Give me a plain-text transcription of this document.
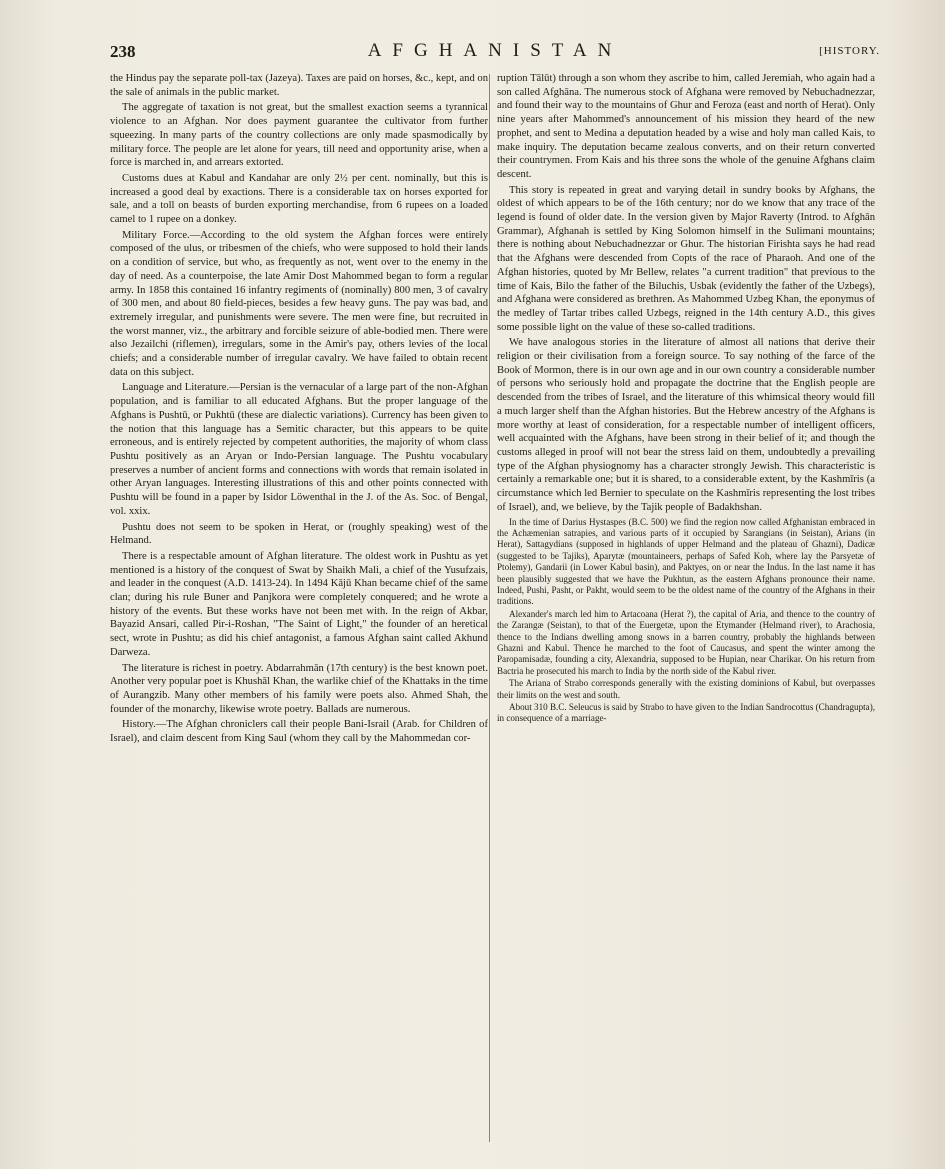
238	AFGHANISTAN	[HISTORY.

the Hindus pay the separate poll-tax (Jazeya). Taxes are paid on horses, &c., kept, and on the sale of animals in the public market.

The aggregate of taxation is not great, but the smallest exaction seems a tyrannical violence to an Afghan. Nor does payment guarantee the cultivator from further squeezing. In many parts of the country collections are only made spasmodically by military force. The people are let alone for years, till need and opportunity arise, when a force is marched in, and arrears extorted.

Customs dues at Kabul and Kandahar are only 2½ per cent. nominally, but this is increased a good deal by exactions. There is a considerable tax on horses exported for sale, and a toll on beasts of burden exporting merchandise, from 6 rupees on a loaded camel to 1 rupee on a donkey.

Military Force.—According to the old system the Afghan forces were entirely composed of the ulus, or tribesmen of the chiefs, who were supposed to hold their lands on a condition of service, but who, as frequently as not, went over to the enemy in the day of need. As a counterpoise, the late Amir Dost Mahommed began to form a regular army. In 1858 this contained 16 infantry regiments of (nominally) 800 men, 3 of cavalry of 300 men, and about 80 field-pieces, besides a few heavy guns. The pay was bad, and extremely irregular, and punishments were severe. The men were fine, but recruited in the worst manner, viz., the arbitrary and forcible seizure of able-bodied men. There were also Jezailchi (riflemen), irregulars, some in the Amir's pay, others levies of the local chiefs; and a considerable number of irregular cavalry. We have failed to obtain recent data on this subject.

Language and Literature.—Persian is the vernacular of a large part of the non-Afghan population, and is familiar to all educated Afghans. But the proper language of the Afghans is Pushtū, or Pukhtū (these are dialectic variations). Currency has been given to the notion that this language has a Semitic character, but this appears to be quite erroneous, and is entirely rejected by competent authorities, the majority of whom class Pushtu positively as an Aryan or Indo-Persian language. The Pushtu vocabulary preserves a number of ancient forms and connections with words that remain isolated in other Aryan languages. Interesting illustrations of this and other points connected with Pushtu will be found in a paper by Isidor Löwenthal in the J. of the As. Soc. of Bengal, vol. xxix.

Pushtu does not seem to be spoken in Herat, or (roughly speaking) west of the Helmand.

There is a respectable amount of Afghan literature. The oldest work in Pushtu as yet mentioned is a history of the conquest of Swat by Shaikh Mali, a chief of the Yusufzais, and leader in the conquest (A.D. 1413-24). In 1494 Kājū Khan became chief of the same clan; during his rule Buner and Panjkora were completely conquered; and he wrote a history of the events. But these works have not been met with. In the reign of Akbar, Bayazid Ansari, called Pir-i-Roshan, "The Saint of Light," the founder of an heretical sect, wrote in Pushtu; as did his chief antagonist, a famous Afghan saint called Akhund Darweza.

The literature is richest in poetry. Abdarrahmān (17th century) is the best known poet. Another very popular poet is Khushāl Khan, the warlike chief of the Khattaks in the time of Aurangzib. Many other members of his family were poets also. Ahmed Shah, the founder of the monarchy, likewise wrote poetry. Ballads are numerous.

History.—The Afghan chroniclers call their people Bani-Israil (Arab. for Children of Israel), and claim descent from King Saul (whom they call by the Mahommedan cor-

ruption Tālūt) through a son whom they ascribe to him, called Jeremiah, who again had a son called Afghāna. The numerous stock of Afghana were removed by Nebuchadnezzar, and found their way to the mountains of Ghur and Feroza (east and north of Herat). Only nine years after Mahommed's announcement of his mission they heard of the new prophet, and sent to Medina a deputation headed by a wise and holy man called Kais, to make inquiry. The deputation became zealous converts, and on their return converted their countrymen. From Kais and his three sons the whole of the genuine Afghans claim descent.

This story is repeated in great and varying detail in sundry books by Afghans, the oldest of which appears to be of the 16th century; nor do we know that any trace of the legend is found of older date. In the version given by Major Raverty (Introd. to Afghān Grammar), Afghanah is settled by King Solomon himself in the Sulimani mountains; there is nothing about Nebuchadnezzar or Ghur. The historian Firishta says he had read that the Afghans were descended from Copts of the race of Pharaoh. And one of the Afghan histories, quoted by Mr Bellew, relates "a current tradition" that previous to the time of Kais, Bilo the father of the Biluchis, Usbak (evidently the father of the Uzbegs), and Afghana were considered as brethren. As Mahommed Uzbeg Khan, the eponymus of the medley of Tartar tribes called Uzbegs, reigned in the 14th century A.D., this gives some possible light on the value of these so-called traditions.

We have analogous stories in the literature of almost all nations that derive their religion or their civilisation from a foreign source. To say nothing of the farce of the Book of Mormon, there is in our own age and in our own country a considerable number of persons who seriously hold and propagate the doctrine that the English people are descended from the tribes of Israel, and the literature of this whimsical theory would fill a much larger shelf than the Afghan histories. But the Hebrew ancestry of the Afghans is more worthy at least of consideration, for a respectable number of intelligent officers, well acquainted with the Afghans, have been strong in their belief of it; and though the customs alleged in proof will not bear the stress laid on them, undoubtedly a prevailing type of the Afghan physiognomy has a character strongly Jewish. This characteristic is certainly a remarkable one; but it is shared, to a considerable extent, by the Kashmīris (a circumstance which led Bernier to speculate on the Kashmīris representing the lost tribes of Israel), and, we believe, by the Tajik people of Badakhshan.

In the time of Darius Hystaspes (B.C. 500) we find the region now called Afghanistan embraced in the Achæmenian satrapies, and various parts of it occupied by Sarangians (in Seistan), Arians (in Herat), Sattagydians (supposed in highlands of upper Helmand and the plateau of Ghazni), Dadicæ (suggested to be Tajiks), Aparytæ (mountaineers, perhaps of Safed Koh, where lay the Parsyetæ of Ptolemy), Gandarii (in Lower Kabul basin), and Paktyes, on or near the Indus. In the last name it has been plausibly suggested that we have the Pukhtun, as the eastern Afghans pronounce their name. Indeed, Pushi, Pasht, or Pakht, would seem to be the oldest name of the country of the Afghans in their traditions.

Alexander's march led him to Artacoana (Herat ?), the capital of Aria, and thence to the country of the Zarangæ (Seistan), to that of the Euergetæ, upon the Etymander (Helmand river), to Arachosia, thence to the Indians dwelling among snows in a barren country, probably the highlands between Ghazni and Kabul. Thence he marched to the foot of Caucasus, and spent the winter among the Paropamisadæ, founding a city, Alexandria, supposed to be Hupian, near Charikar. On his return from Bactria he prosecuted his march to India by the north side of the Kabul river.

The Ariana of Strabo corresponds generally with the existing dominions of Kabul, but overpasses their limits on the west and south.

About 310 B.C. Seleucus is said by Strabo to have given to the Indian Sandrocottus (Chandragupta), in consequence of a marriage-
